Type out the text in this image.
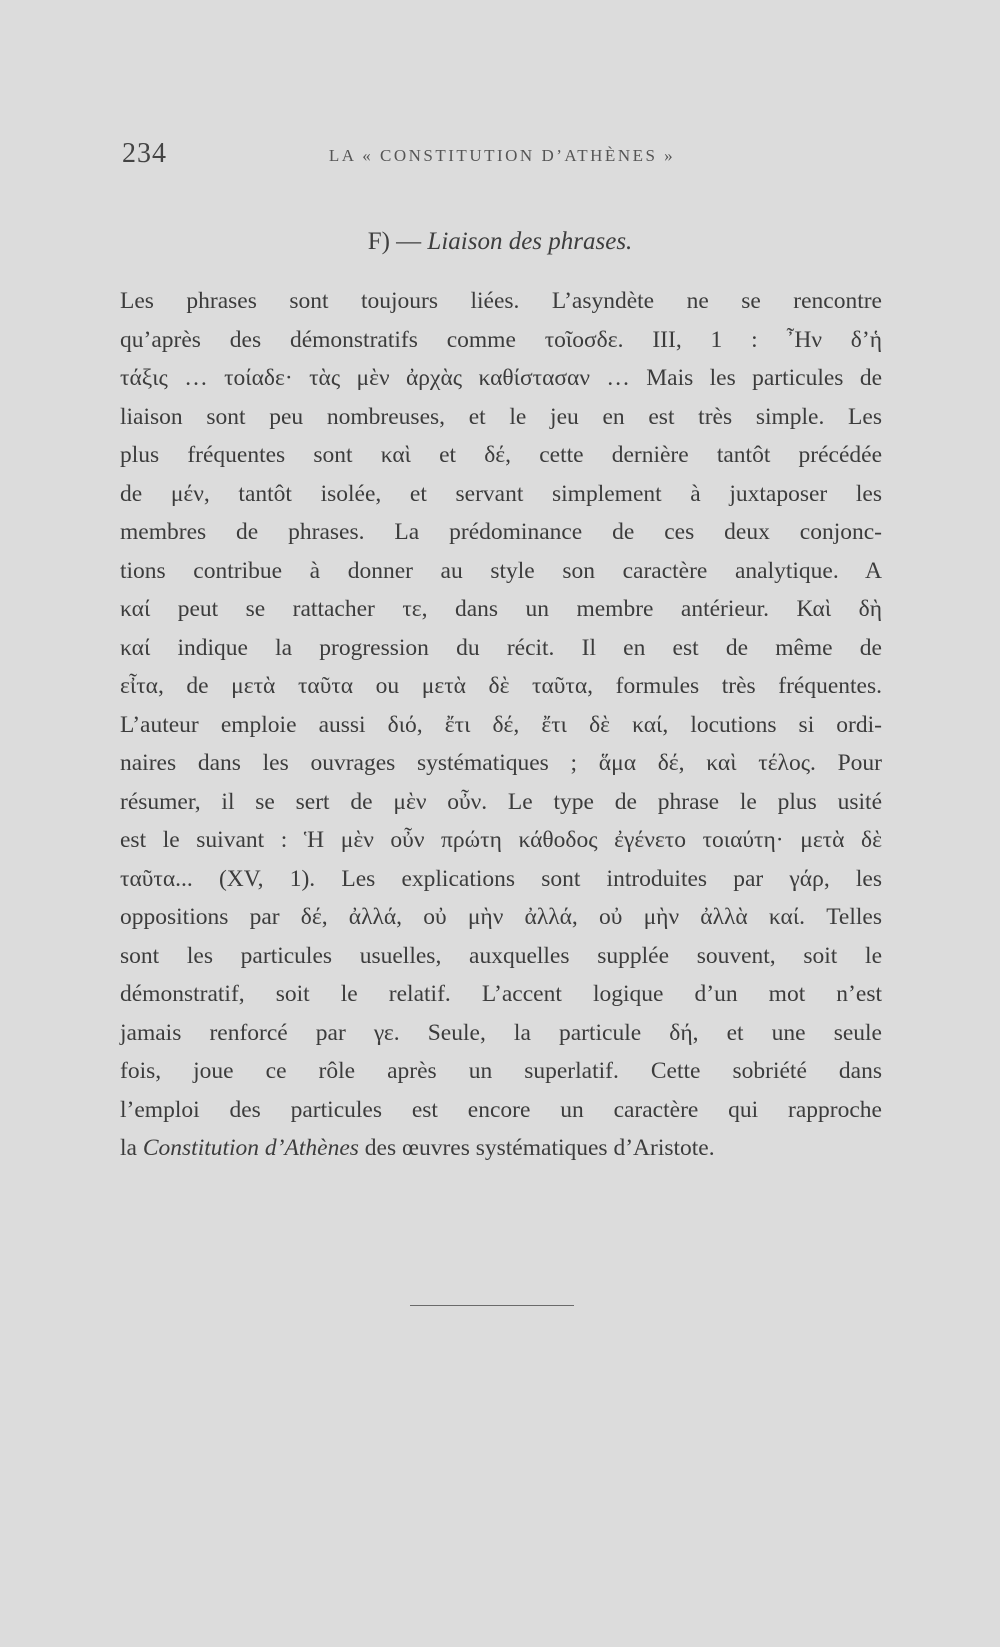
234	LA « CONSTITUTION D’ATHÈNES »
F) — Liaison des phrases.
Les phrases sont toujours liées. L’asyndète ne se rencontre
qu’après des démonstratifs comme τοῖοσδε. III, 1 : ῏Ην δ’ἡ
τάξις … τοίαδε· τὰς μὲν ἀρχὰς καθίστασαν … Mais les particules de
liaison sont peu nombreuses, et le jeu en est très simple. Les
plus fréquentes sont καὶ et δέ, cette dernière tantôt précédée
de μέν, tantôt isolée, et servant simplement à juxtaposer les
membres de phrases. La prédominance de ces deux conjonc-
tions contribue à donner au style son caractère analytique. A
καί peut se rattacher τε, dans un membre antérieur. Καὶ δὴ
καί indique la progression du récit. Il en est de même de
εἶτα, de μετὰ ταῦτα ou μετὰ δὲ ταῦτα, formules très fréquentes.
L’auteur emploie aussi διό, ἔτι δέ, ἔτι δὲ καί, locutions si ordi-
naires dans les ouvrages systématiques ; ἅμα δέ, καὶ τέλος. Pour
résumer, il se sert de μὲν οὖν. Le type de phrase le plus usité
est le suivant : Ἡ μὲν οὖν πρώτη κάθοδος ἐγένετο τοιαύτη· μετὰ δὲ
ταῦτα... (XV, 1). Les explications sont introduites par γάρ, les
oppositions par δέ, ἀλλά, οὐ μὴν ἀλλά, οὐ μὴν ἀλλὰ καί. Telles
sont les particules usuelles, auxquelles supplée souvent, soit le
démonstratif, soit le relatif. L’accent logique d’un mot n’est
jamais renforcé par γε. Seule, la particule δή, et une seule
fois, joue ce rôle après un superlatif. Cette sobriété dans
l’emploi des particules est encore un caractère qui rapproche
la Constitution d’Athènes des œuvres systématiques d’Aristote.
